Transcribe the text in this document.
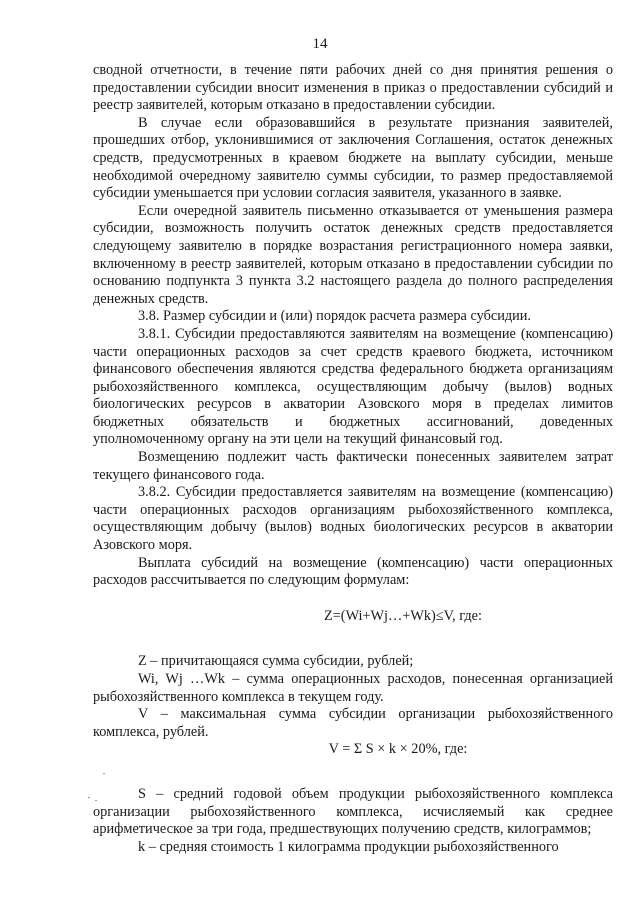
14

сводной отчетности, в течение пяти рабочих дней со дня принятия решения о предоставлении субсидии вносит изменения в приказ о предоставлении субсидий и реестр заявителей, которым отказано в предоставлении субсидии.

В случае если образовавшийся в результате признания заявителей, прошедших отбор, уклонившимися от заключения Соглашения, остаток денежных средств, предусмотренных в краевом бюджете на выплату субсидии, меньше необходимой очередному заявителю суммы субсидии, то размер предоставляемой субсидии уменьшается при условии согласия заявителя, указанного в заявке.

Если очередной заявитель письменно отказывается от уменьшения размера субсидии, возможность получить остаток денежных средств предоставляется следующему заявителю в порядке возрастания регистрационного номера заявки, включенному в реестр заявителей, которым отказано в предоставлении субсидии по основанию подпункта 3 пункта 3.2 настоящего раздела до полного распределения денежных средств.

3.8. Размер субсидии и (или) порядок расчета размера субсидии.

3.8.1. Субсидии предоставляются заявителям на возмещение (компенсацию) части операционных расходов за счет средств краевого бюджета, источником финансового обеспечения являются средства федерального бюджета организациям рыбохозяйственного комплекса, осуществляющим добычу (вылов) водных биологических ресурсов в акватории Азовского моря в пределах лимитов бюджетных обязательств и бюджетных ассигнований, доведенных уполномоченному органу на эти цели на текущий финансовый год.

Возмещению подлежит часть фактически понесенных заявителем затрат текущего финансового года.

3.8.2. Субсидии предоставляется заявителям на возмещение (компенсацию) части операционных расходов организациям рыбохозяйственного комплекса, осуществляющим добычу (вылов) водных биологических ресурсов в акватории Азовского моря.

Выплата субсидий на возмещение (компенсацию) части операционных расходов рассчитывается по следующим формулам:

Z=(Wi+Wj…+Wk)≤V, где:

Z – причитающаяся сумма субсидии, рублей;

Wi, Wj …Wk – сумма операционных расходов, понесенная организацией рыбохозяйственного комплекса в текущем году.

V – максимальная сумма субсидии организации рыбохозяйственного комплекса, рублей.

V = Σ S × k × 20%, где:

S – средний годовой объем продукции рыбохозяйственного комплекса организации рыбохозяйственного комплекса, исчисляемый как среднее арифметическое за три года, предшествующих получению средств, килограммов;

k – средняя стоимость 1 килограмма продукции рыбохозяйственного
